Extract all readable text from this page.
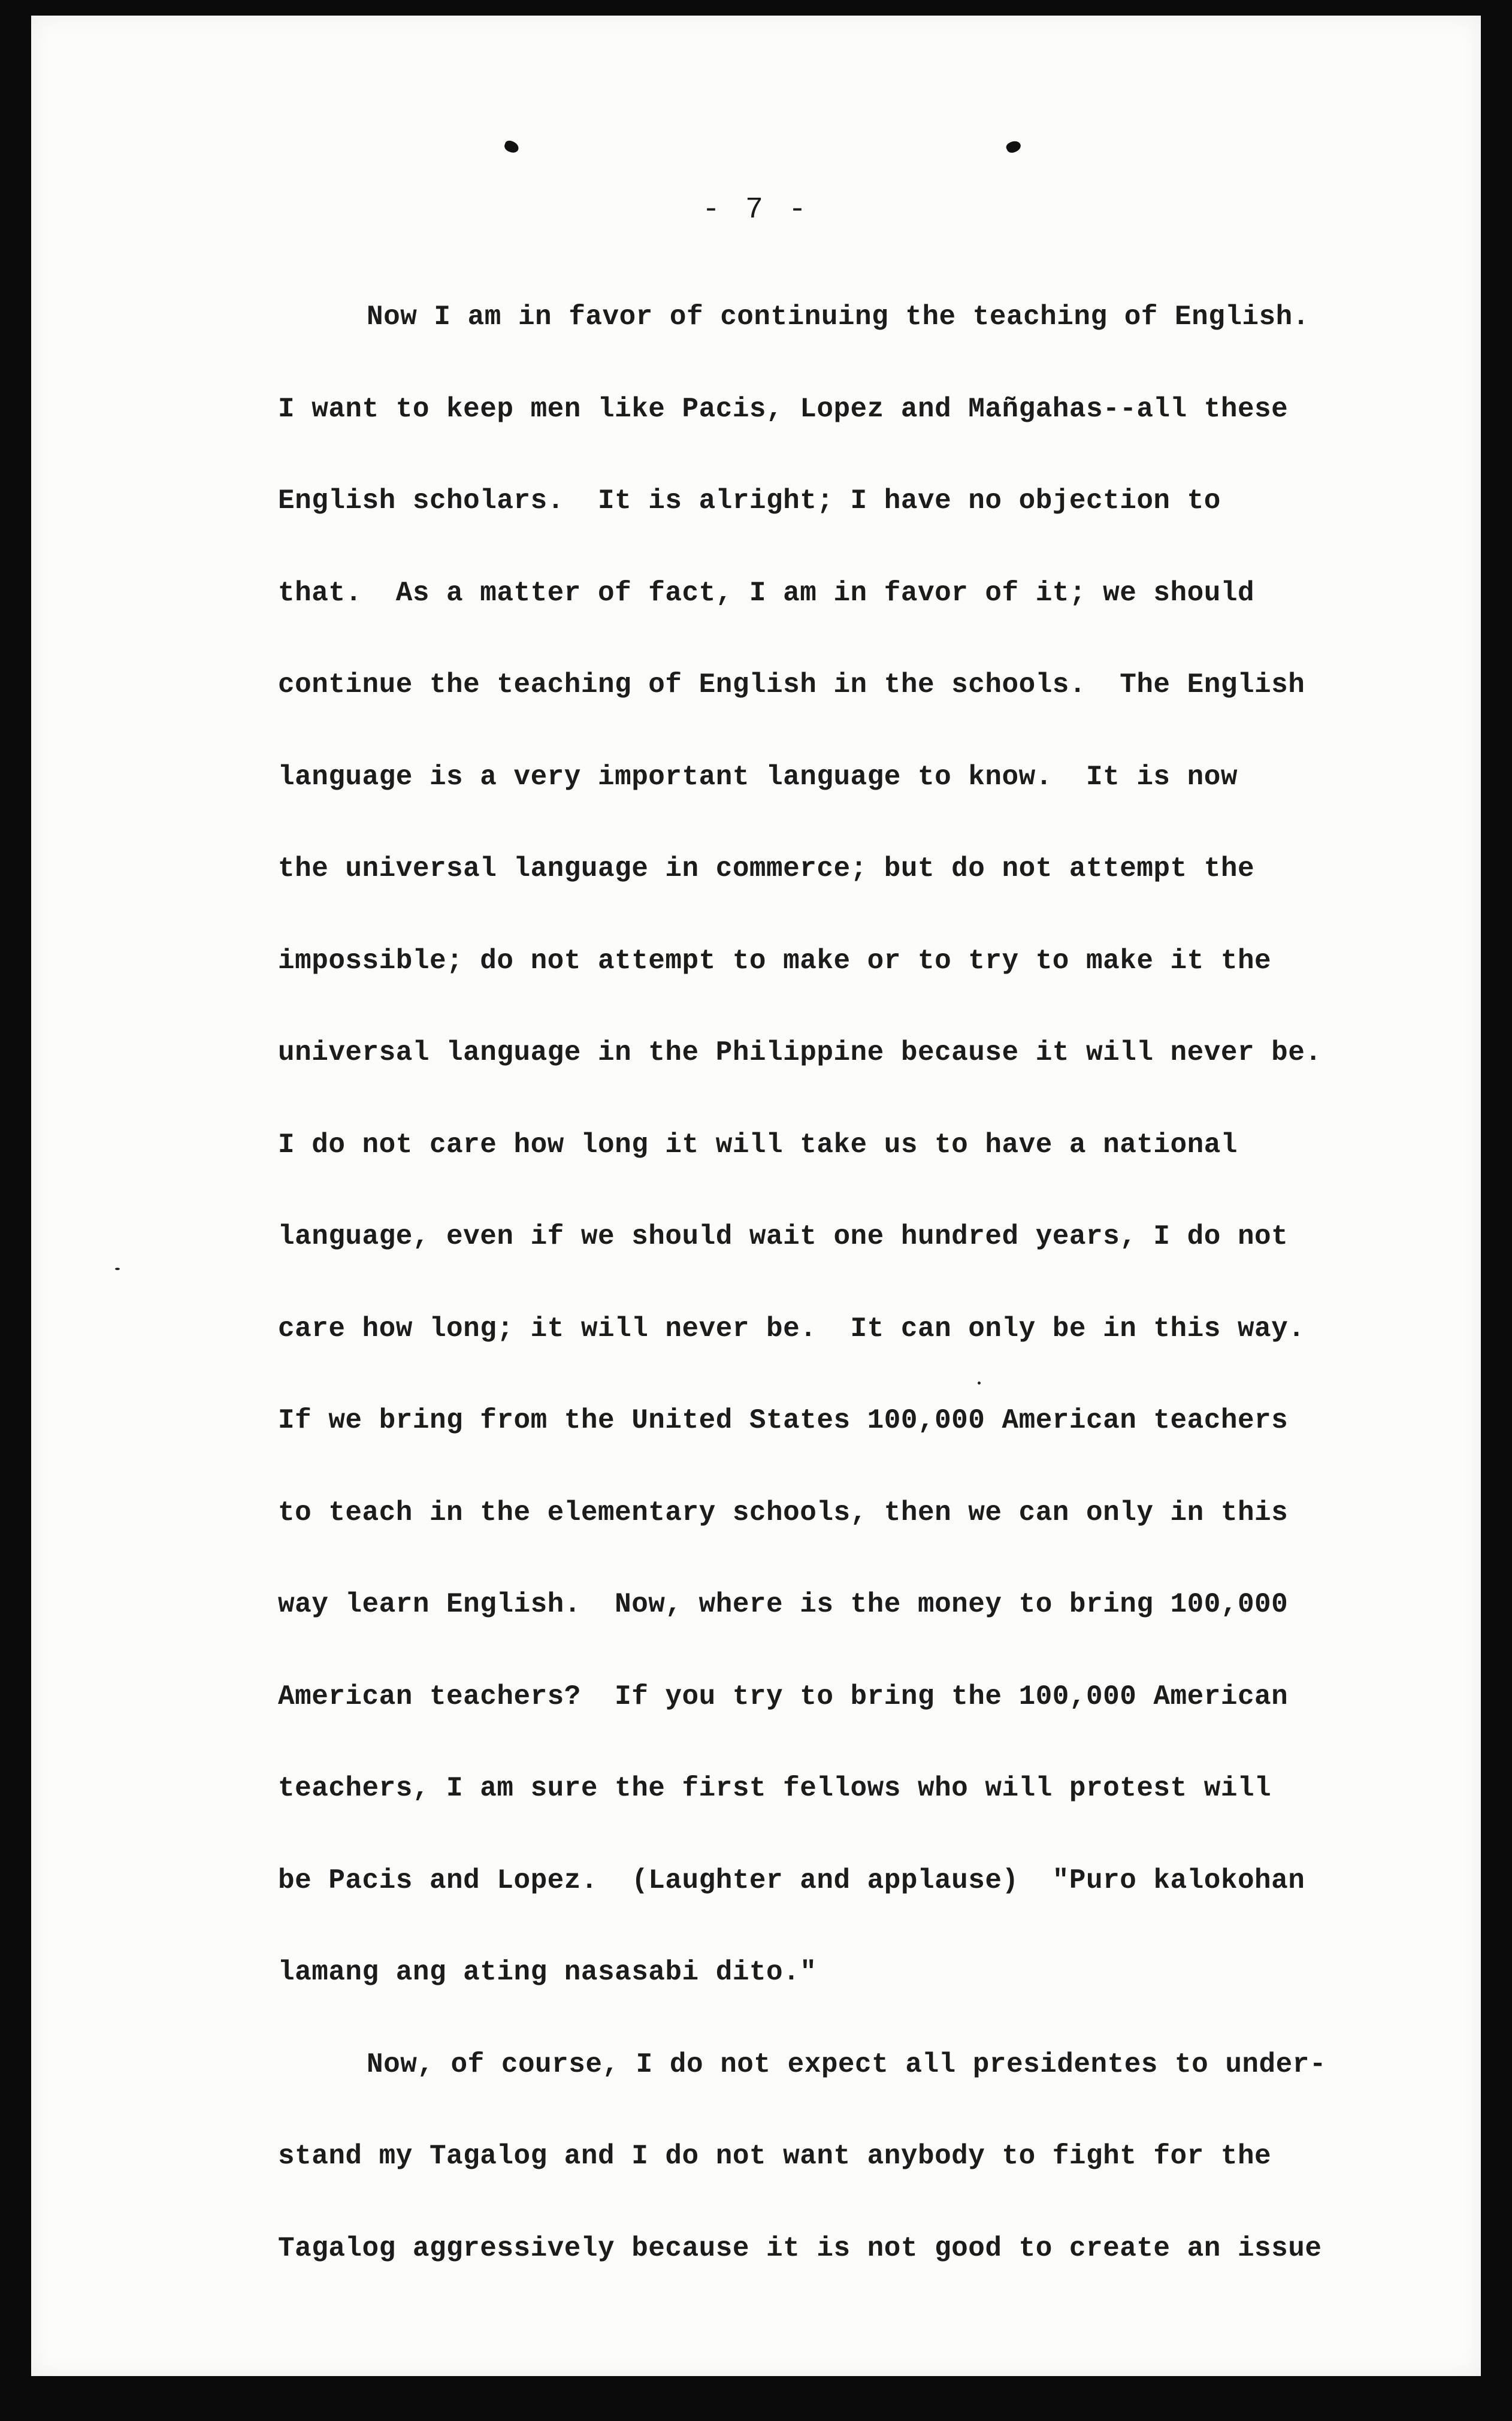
- 7 -
Now I am in favor of continuing the teaching of English.
I want to keep men like Pacis, Lopez and Mañgahas--all these
English scholars.  It is alright; I have no objection to
that.  As a matter of fact, I am in favor of it; we should
continue the teaching of English in the schools.  The English
language is a very important language to know.  It is now
the universal language in commerce; but do not attempt the
impossible; do not attempt to make or to try to make it the
universal language in the Philippine because it will never be.
I do not care how long it will take us to have a national
language, even if we should wait one hundred years, I do not
care how long; it will never be.  It can only be in this way.
If we bring from the United States 100,000 American teachers
to teach in the elementary schools, then we can only in this
way learn English.  Now, where is the money to bring 100,000
American teachers?  If you try to bring the 100,000 American
teachers, I am sure the first fellows who will protest will
be Pacis and Lopez.  (Laughter and applause)  "Puro kalokohan
lamang ang ating nasasabi dito."
Now, of course, I do not expect all presidentes to under-
stand my Tagalog and I do not want anybody to fight for the
Tagalog aggressively because it is not good to create an issue
